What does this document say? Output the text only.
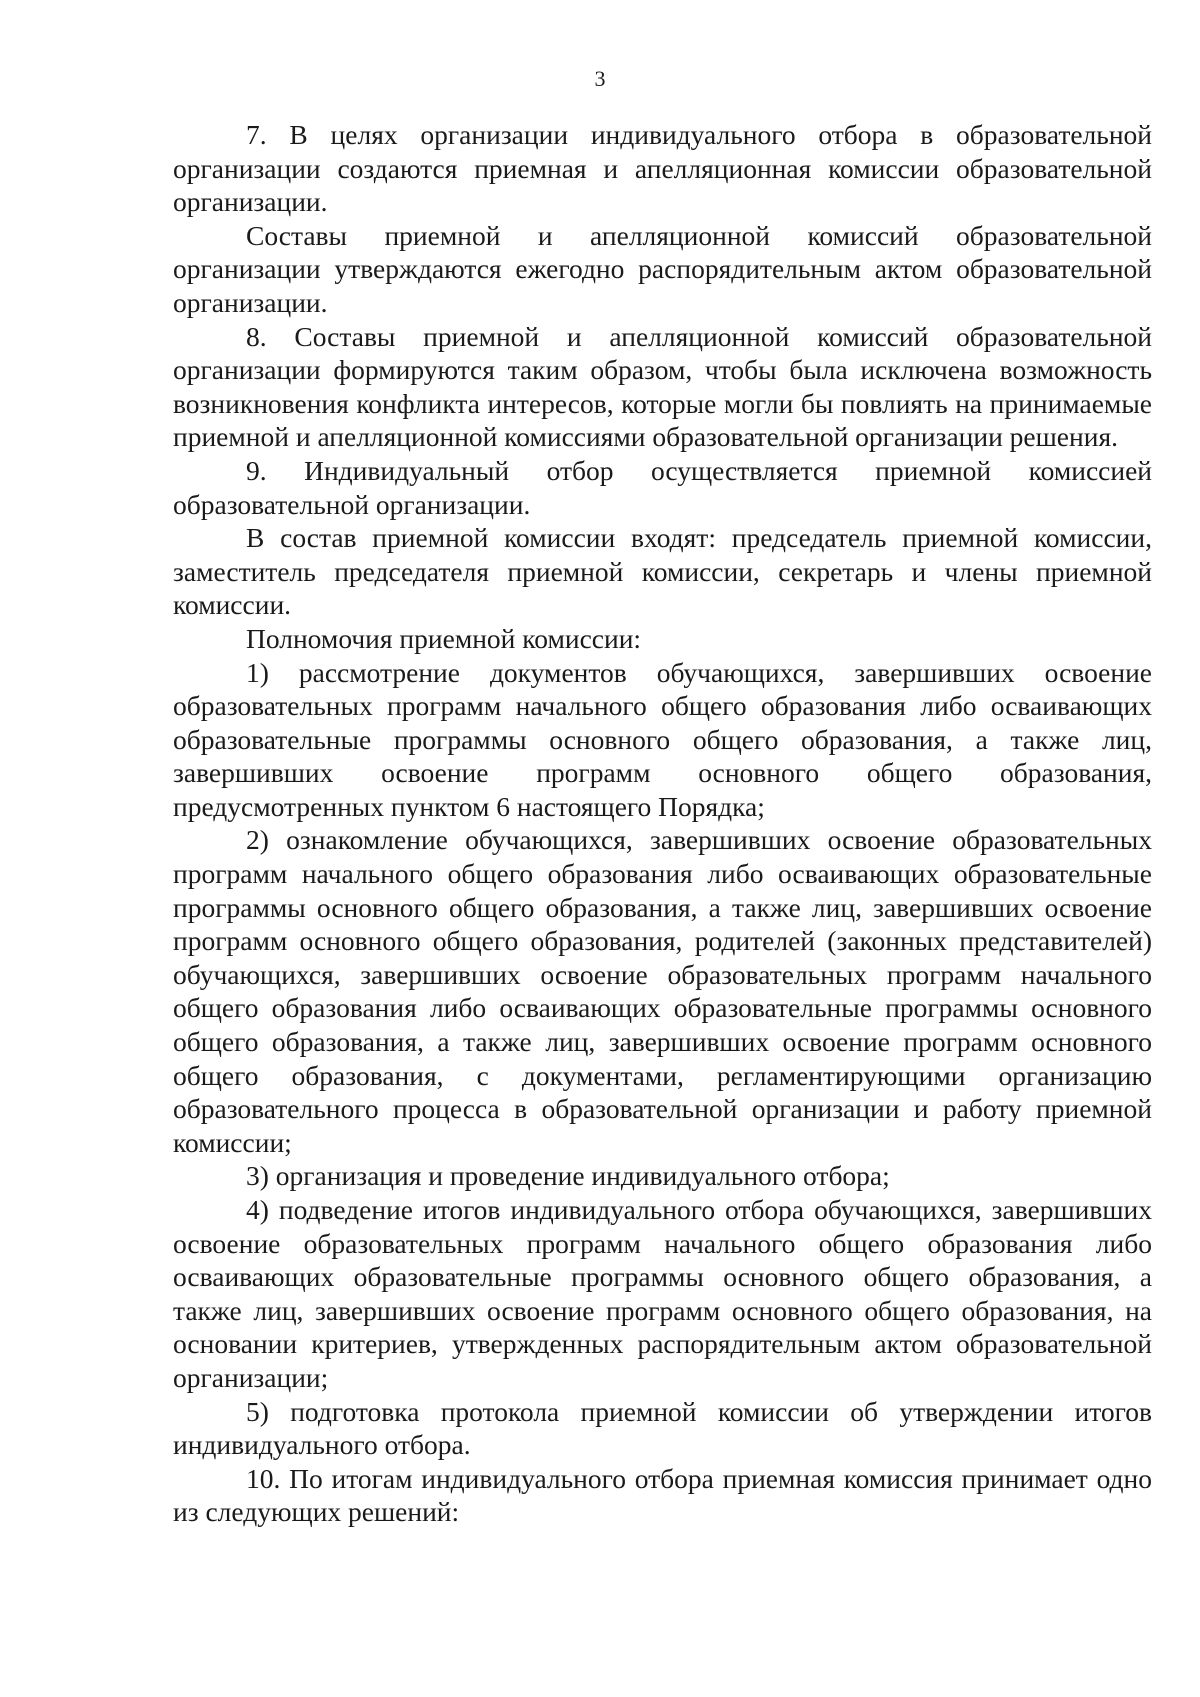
3

7. В целях организации индивидуального отбора в образовательной организации создаются приемная и апелляционная комиссии образовательной организации.

Составы приемной и апелляционной комиссий образовательной организации утверждаются ежегодно распорядительным актом образовательной организации.

8. Составы приемной и апелляционной комиссий образовательной организации формируются таким образом, чтобы была исключена возможность возникновения конфликта интересов, которые могли бы повлиять на принимаемые приемной и апелляционной комиссиями образовательной организации решения.

9. Индивидуальный отбор осуществляется приемной комиссией образовательной организации.

В состав приемной комиссии входят: председатель приемной комиссии, заместитель председателя приемной комиссии, секретарь и члены приемной комиссии.

Полномочия приемной комиссии:

1) рассмотрение документов обучающихся, завершивших освоение образовательных программ начального общего образования либо осваивающих образовательные программы основного общего образования, а также лиц, завершивших освоение программ основного общего образования, предусмотренных пунктом 6 настоящего Порядка;

2) ознакомление обучающихся, завершивших освоение образовательных программ начального общего образования либо осваивающих образовательные программы основного общего образования, а также лиц, завершивших освоение программ основного общего образования, родителей (законных представителей) обучающихся, завершивших освоение образовательных программ начального общего образования либо осваивающих образовательные программы основного общего образования, а также лиц, завершивших освоение программ основного общего образования, с документами, регламентирующими организацию образовательного процесса в образовательной организации и работу приемной комиссии;

3) организация и проведение индивидуального отбора;

4) подведение итогов индивидуального отбора обучающихся, завершивших освоение образовательных программ начального общего образования либо осваивающих образовательные программы основного общего образования, а также лиц, завершивших освоение программ основного общего образования, на основании критериев, утвержденных распорядительным актом образовательной организации;

5) подготовка протокола приемной комиссии об утверждении итогов индивидуального отбора.

10. По итогам индивидуального отбора приемная комиссия принимает одно из следующих решений:
